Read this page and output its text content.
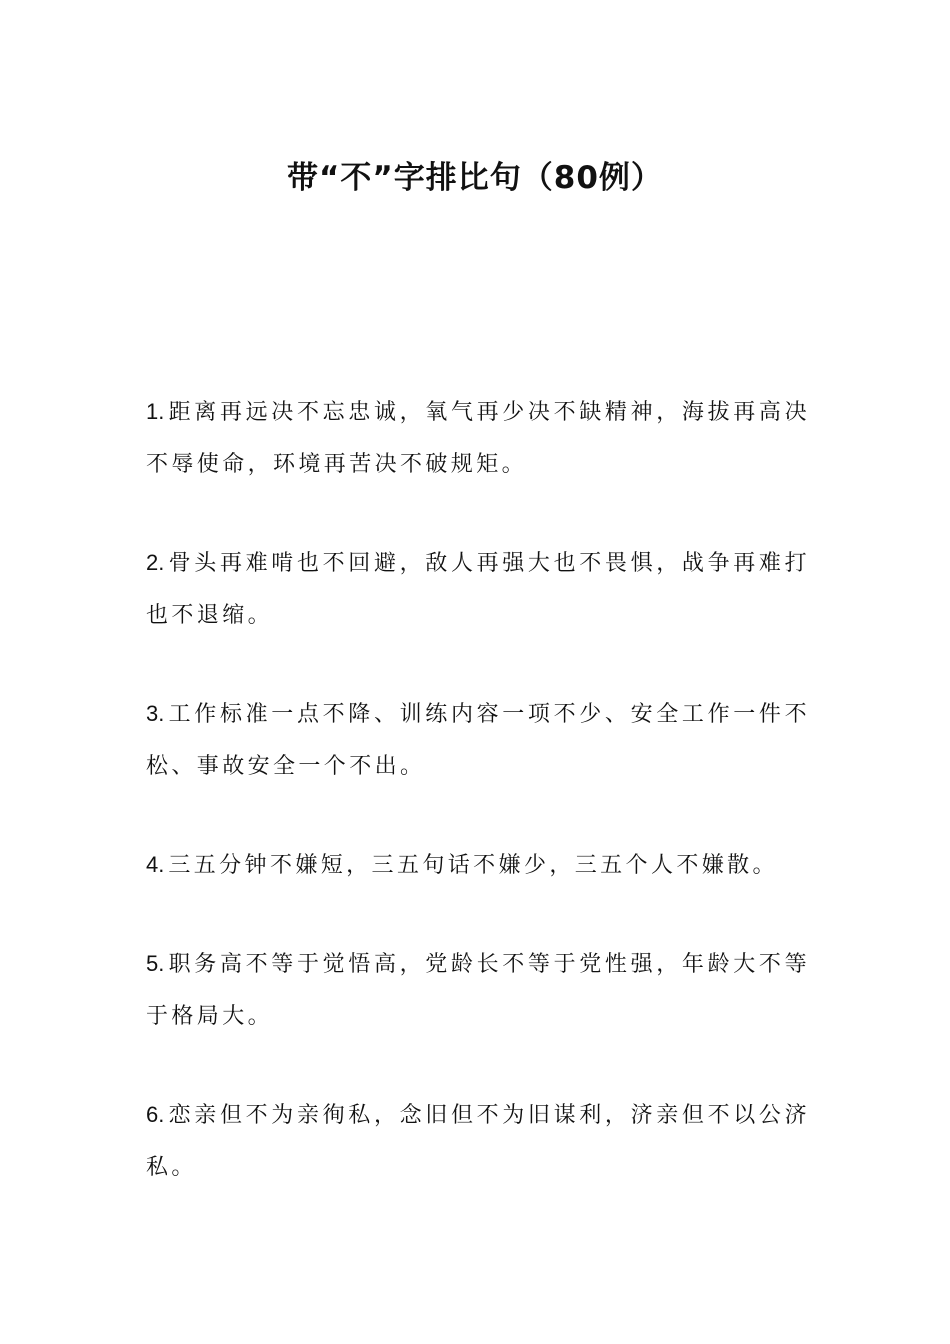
带“不”字排比句（80例）
1. 距离再远决不忘忠诚，氧气再少决不缺精神，海拔再高决不辱使命，环境再苦决不破规矩。
2. 骨头再难啃也不回避，敌人再强大也不畏惧，战争再难打也不退缩。
3. 工作标准一点不降、训练内容一项不少、安全工作一件不松、事故安全一个不出。
4. 三五分钟不嫌短，三五句话不嫌少，三五个人不嫌散。
5. 职务高不等于觉悟高，党龄长不等于党性强，年龄大不等于格局大。
6. 恋亲但不为亲徇私，念旧但不为旧谋利，济亲但不以公济私。
